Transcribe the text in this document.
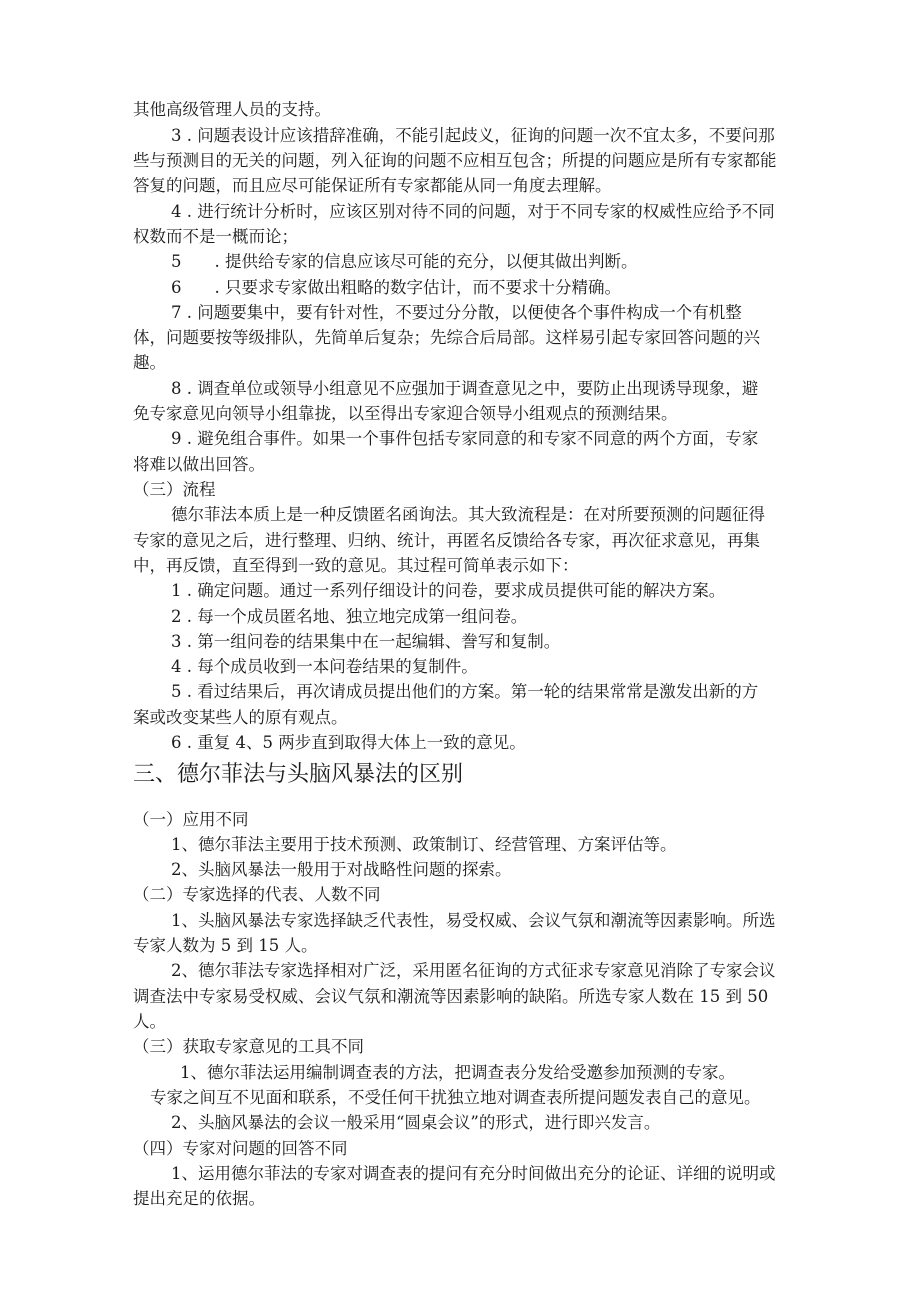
其他高级管理人员的支持。

3 . 问题表设计应该措辞准确，不能引起歧义，征询的问题一次不宜太多，不要问那

些与预测目的无关的问题，列入征询的问题不应相互包含；所提的问题应是所有专家都能

答复的问题，而且应尽可能保证所有专家都能从同一角度去理解。

4 . 进行统计分析时，应该区别对待不同的问题，对于不同专家的权威性应给予不同

权数而不是一概而论；

5　　. 提供给专家的信息应该尽可能的充分，以便其做出判断。

6　　. 只要求专家做出粗略的数字估计，而不要求十分精确。

7 . 问题要集中，要有针对性，不要过分分散，以便使各个事件构成一个有机整

体，问题要按等级排队，先简单后复杂；先综合后局部。这样易引起专家回答问题的兴

趣。

8 . 调查单位或领导小组意见不应强加于调查意见之中，要防止出现诱导现象，避

免专家意见向领导小组靠拢，以至得出专家迎合领导小组观点的预测结果。

9 . 避免组合事件。如果一个事件包括专家同意的和专家不同意的两个方面，专家

将难以做出回答。

（三）流程

德尔菲法本质上是一种反馈匿名函询法。其大致流程是：在对所要预测的问题征得

专家的意见之后，进行整理、归纳、统计，再匿名反馈给各专家，再次征求意见，再集

中，再反馈，直至得到一致的意见。其过程可简单表示如下：

1 . 确定问题。通过一系列仔细设计的问卷，要求成员提供可能的解决方案。

2 . 每一个成员匿名地、独立地完成第一组问卷。

3 . 第一组问卷的结果集中在一起编辑、誊写和复制。

4 . 每个成员收到一本问卷结果的复制件。

5 . 看过结果后，再次请成员提出他们的方案。第一轮的结果常常是激发出新的方

案或改变某些人的原有观点。

6 . 重复 4、5 两步直到取得大体上一致的意见。

三、德尔菲法与头脑风暴法的区别

（一）应用不同

1、德尔菲法主要用于技术预测、政策制订、经营管理、方案评估等。

2、头脑风暴法一般用于对战略性问题的探索。

（二）专家选择的代表、人数不同

1、头脑风暴法专家选择缺乏代表性，易受权威、会议气氛和潮流等因素影响。所选

专家人数为 5 到 15 人。

2、德尔菲法专家选择相对广泛，采用匿名征询的方式征求专家意见消除了专家会议

调查法中专家易受权威、会议气氛和潮流等因素影响的缺陷。所选专家人数在 15 到 50

人。

（三）获取专家意见的工具不同

1、德尔菲法运用编制调查表的方法，把调查表分发给受邀参加预测的专家。

专家之间互不见面和联系，不受任何干扰独立地对调查表所提问题发表自己的意见。

2、头脑风暴法的会议一般采用“圆桌会议”的形式，进行即兴发言。

（四）专家对问题的回答不同

1、运用德尔菲法的专家对调查表的提问有充分时间做出充分的论证、详细的说明或

提出充足的依据。
